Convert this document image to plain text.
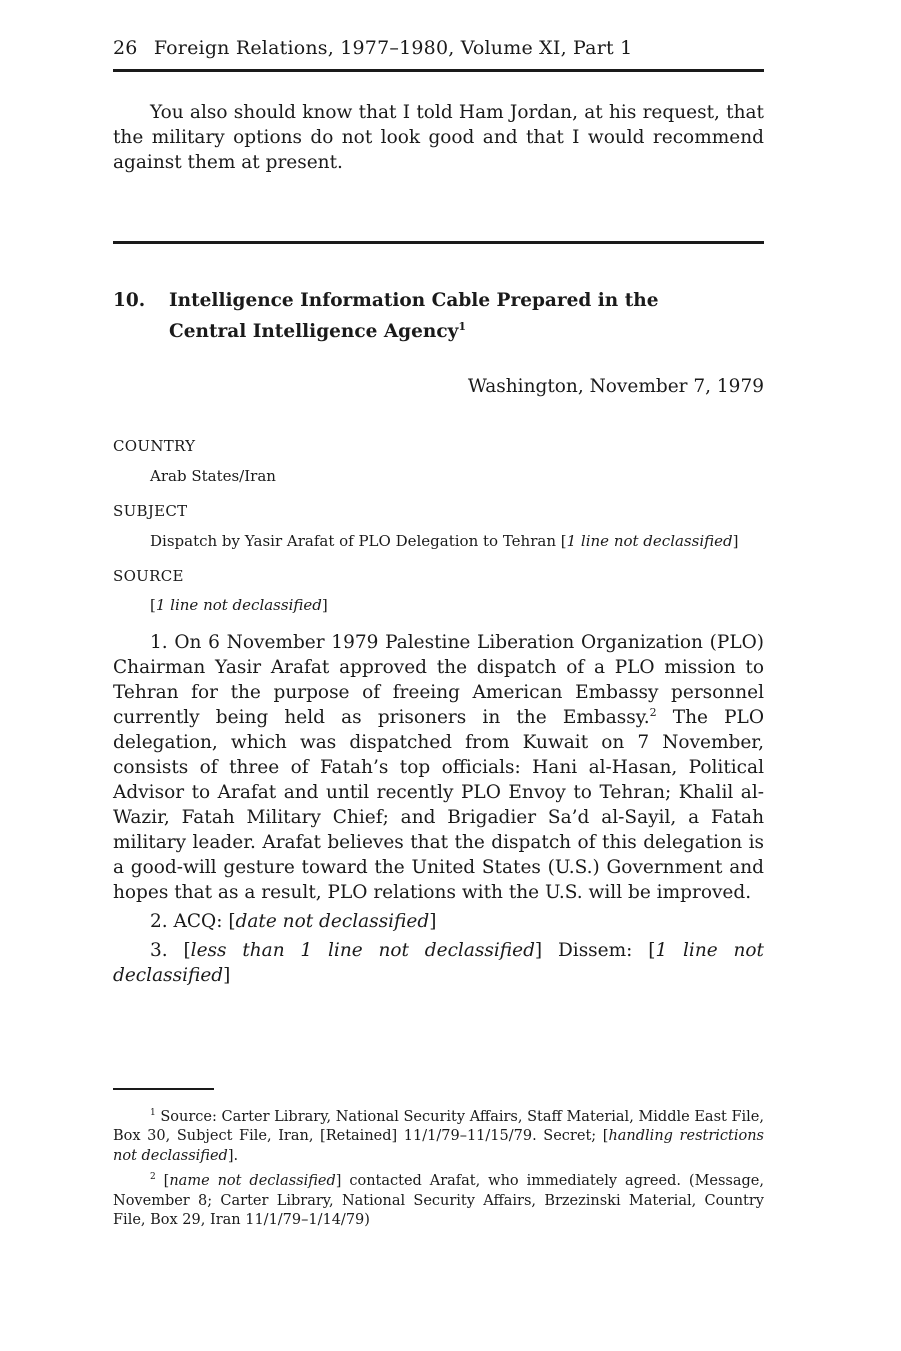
26 Foreign Relations, 1977–1980, Volume XI, Part 1

You also should know that I told Ham Jordan, at his request, that the military options do not look good and that I would recommend against them at present.

10.	Intelligence Information Cable Prepared in the Central Intelligence Agency$^1$
Washington, November 7, 1979
COUNTRY
Arab States/Iran
SUBJECT
Dispatch by Yasir Arafat of PLO Delegation to Tehran [1 line not declassified]
SOURCE
[1 line not declassified]

1. On 6 November 1979 Palestine Liberation Organization (PLO) Chairman Yasir Arafat approved the dispatch of a PLO mission to Tehran for the purpose of freeing American Embassy personnel currently being held as prisoners in the Embassy.$^2$ The PLO delegation, which was dispatched from Kuwait on 7 November, consists of three of Fatah’s top officials: Hani al-Hasan, Political Advisor to Arafat and until recently PLO Envoy to Tehran; Khalil al-Wazir, Fatah Military Chief; and Brigadier Sa’d al-Sayil, a Fatah military leader. Arafat believes that the dispatch of this delegation is a good-will gesture toward the United States (U.S.) Government and hopes that as a result, PLO relations with the U.S. will be improved.

2. ACQ: [date not declassified]

3. [less than 1 line not declassified] Dissem: [1 line not declassified]

$^1$ Source: Carter Library, National Security Affairs, Staff Material, Middle East File, Box 30, Subject File, Iran, [Retained] 11/1/79–11/15/79. Secret; [handling restrictions not declassified].

$^2$ [name not declassified] contacted Arafat, who immediately agreed. (Message, November 8; Carter Library, National Security Affairs, Brzezinski Material, Country File, Box 29, Iran 11/1/79–1/14/79)
